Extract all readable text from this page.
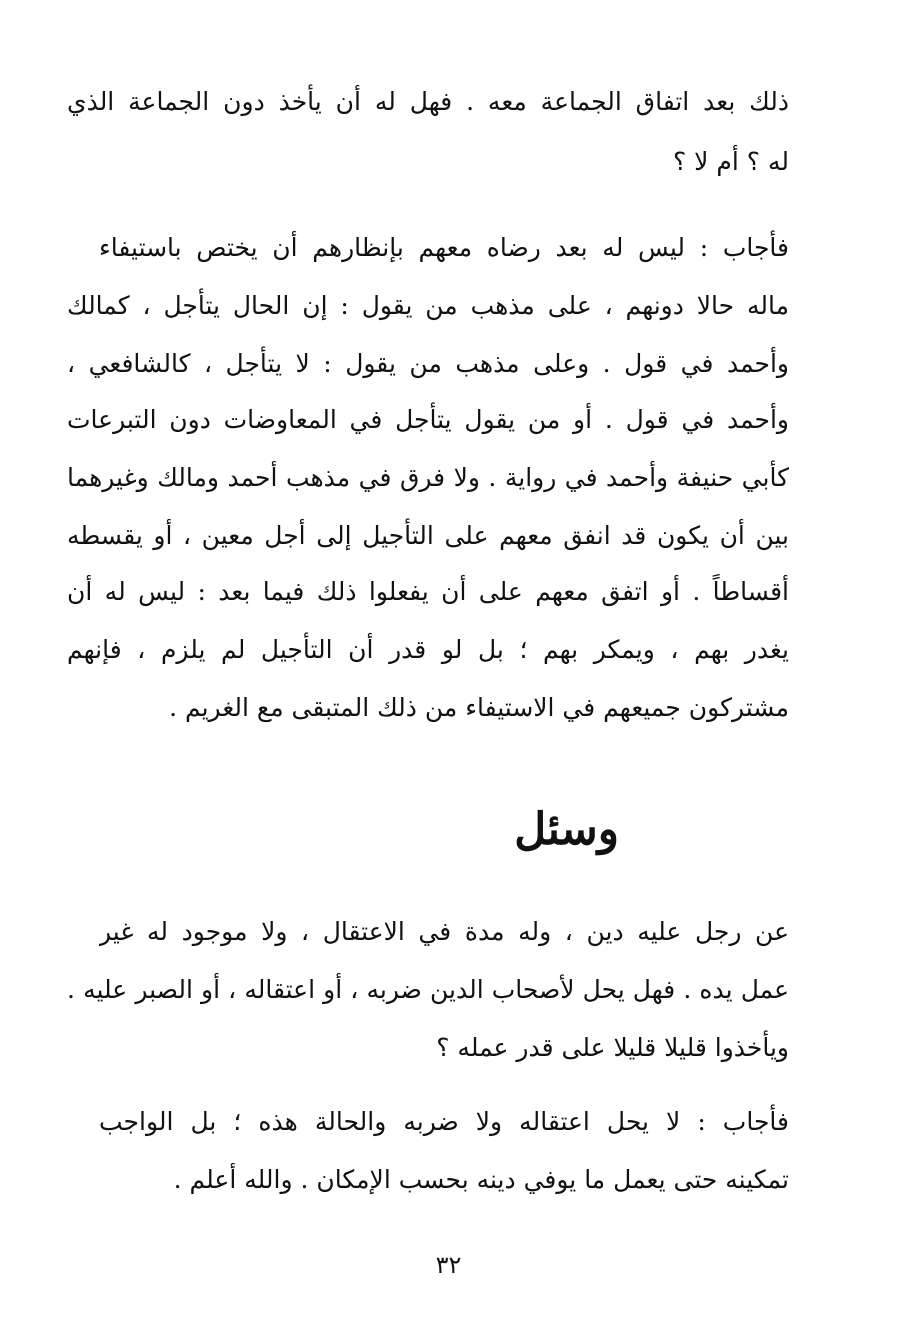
ذلك بعد اتفاق الجماعة معه . فهل له أن يأخذ دون الجماعة الذي
له ؟ أم لا ؟
فأجاب : ليس له بعد رضاه معهم بإنظارهم أن يختص باستيفاء
ماله حالا دونهم ، على مذهب من يقول : إن الحال يتأجل ، كمالك
وأحمد في قول . وعلى مذهب من يقول : لا يتأجل ، كالشافعي ،
وأحمد في قول . أو من يقول يتأجل في المعاوضات دون التبرعات
كأبي حنيفة وأحمد في رواية . ولا فرق في مذهب أحمد ومالك وغيرهما
بين أن يكون قد انفق معهم على التأجيل إلى أجل معين ، أو يقسطه
أقساطاً . أو اتفق معهم على أن يفعلوا ذلك فيما بعد : ليس له أن
يغدر بهم ، ويمكر بهم ؛ بل لو قدر أن التأجيل لم يلزم ، فإنهم
مشتركون جميعهم في الاستيفاء من ذلك المتبقى مع الغريم .
وسئل
عن رجل عليه دين ، وله مدة في الاعتقال ، ولا موجود له غير
عمل يده . فهل يحل لأصحاب الدين ضربه ، أو اعتقاله ، أو الصبر عليه .
ويأخذوا قليلا قليلا على قدر عمله ؟
فأجاب : لا يحل اعتقاله ولا ضربه والحالة هذه ؛ بل الواجب
تمكينه حتى يعمل ما يوفي دينه بحسب الإمكان . والله أعلم .
٣٢
